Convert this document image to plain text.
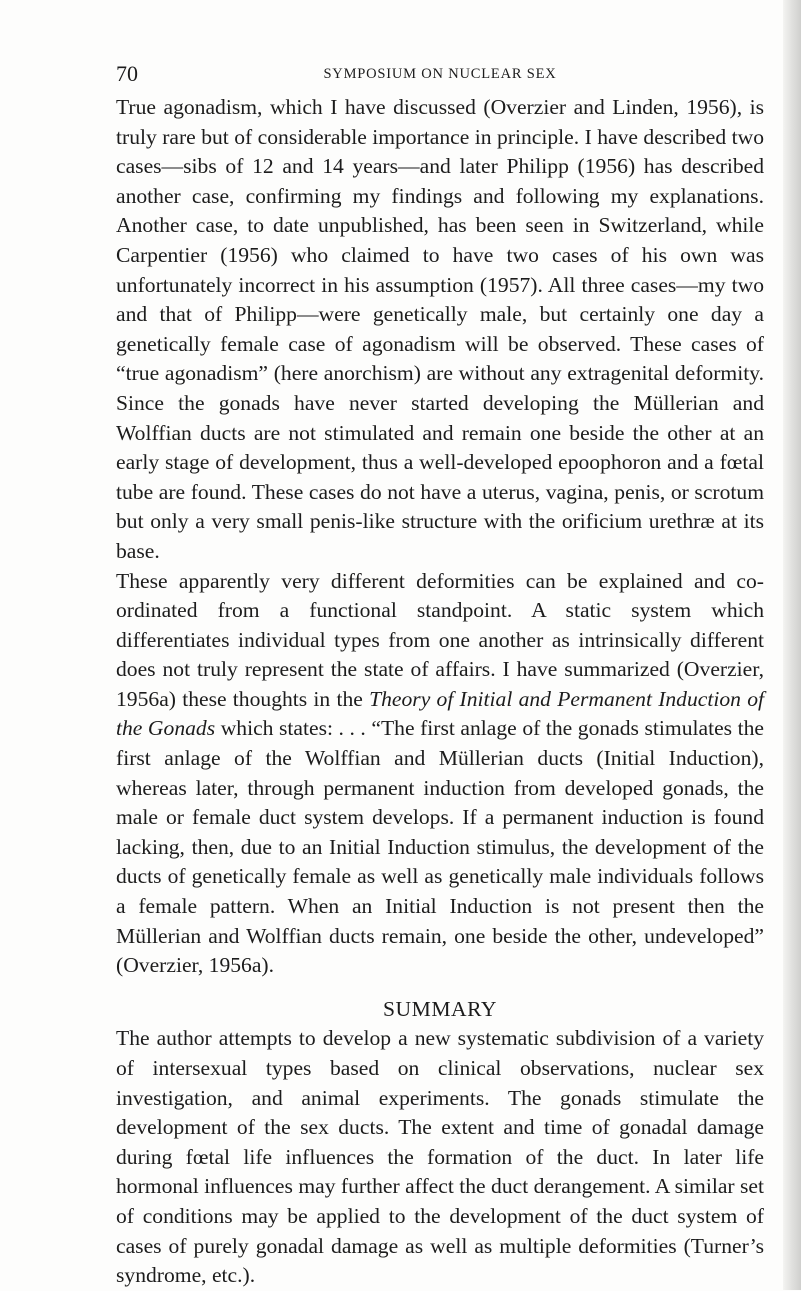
70	SYMPOSIUM ON NUCLEAR SEX

True agonadism, which I have discussed (Overzier and Linden, 1956), is truly rare but of considerable importance in principle. I have described two cases—sibs of 12 and 14 years—and later Philipp (1956) has described another case, confirming my findings and following my explanations. Another case, to date unpublished, has been seen in Switzerland, while Carpentier (1956) who claimed to have two cases of his own was unfortunately incorrect in his assumption (1957). All three cases—my two and that of Philipp—were genetically male, but certainly one day a genetically female case of agonadism will be observed. These cases of “true agonadism” (here anorchism) are without any extragenital deformity. Since the gonads have never started developing the Müllerian and Wolffian ducts are not stimulated and remain one beside the other at an early stage of development, thus a well-developed epoophoron and a fœtal tube are found. These cases do not have a uterus, vagina, penis, or scrotum but only a very small penis-like structure with the orificium urethræ at its base.

These apparently very different deformities can be explained and co-ordinated from a functional standpoint. A static system which differentiates individual types from one another as intrinsically different does not truly represent the state of affairs. I have summarized (Overzier, 1956a) these thoughts in the Theory of Initial and Permanent Induction of the Gonads which states: . . . “The first anlage of the gonads stimulates the first anlage of the Wolffian and Müllerian ducts (Initial Induction), whereas later, through permanent induction from developed gonads, the male or female duct system develops. If a permanent induction is found lacking, then, due to an Initial Induction stimulus, the development of the ducts of genetically female as well as genetically male individuals follows a female pattern. When an Initial Induction is not present then the Müllerian and Wolffian ducts remain, one beside the other, undeveloped” (Overzier, 1956a).

SUMMARY

The author attempts to develop a new systematic subdivision of a variety of intersexual types based on clinical observations, nuclear sex investigation, and animal experiments. The gonads stimulate the development of the sex ducts. The extent and time of gonadal damage during fœtal life influences the formation of the duct. In later life hormonal influences may further affect the duct derangement. A similar set of conditions may be applied to the development of the duct system of cases of purely gonadal damage as well as multiple deformities (Turner’s syndrome, etc.).
